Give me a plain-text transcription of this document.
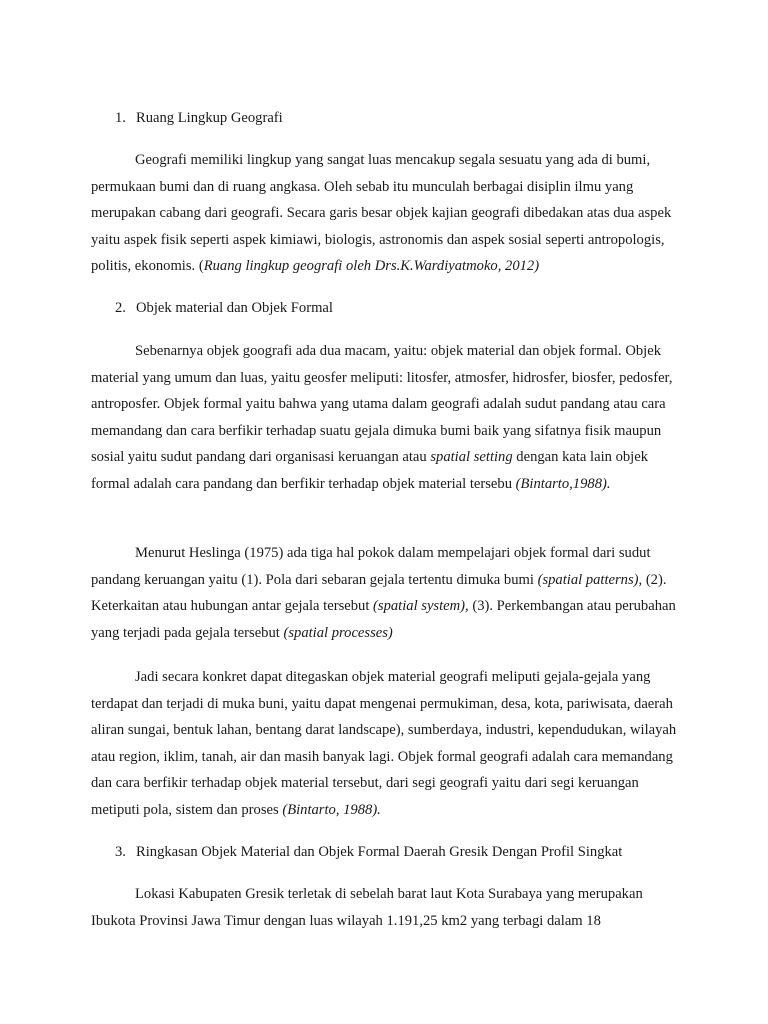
1. Ruang Lingkup Geografi

Geografi memiliki lingkup yang sangat luas mencakup segala sesuatu yang ada di bumi, permukaan bumi dan di ruang angkasa. Oleh sebab itu munculah berbagai disiplin ilmu yang merupakan cabang dari geografi. Secara garis besar objek kajian geografi dibedakan atas dua aspek yaitu aspek fisik seperti aspek kimiawi, biologis, astronomis dan aspek sosial seperti antropologis, politis, ekonomis. (Ruang lingkup geografi oleh Drs.K.Wardiyatmoko, 2012)

2. Objek material dan Objek Formal

Sebenarnya objek goografi ada dua macam, yaitu: objek material dan objek formal. Objek material yang umum dan luas, yaitu geosfer meliputi: litosfer, atmosfer, hidrosfer, biosfer, pedosfer, antroposfer. Objek formal yaitu bahwa yang utama dalam geografi adalah sudut pandang atau cara memandang dan cara berfikir terhadap suatu gejala dimuka bumi baik yang sifatnya fisik maupun sosial yaitu sudut pandang dari organisasi keruangan atau spatial setting dengan kata lain objek formal adalah cara pandang dan berfikir terhadap objek material tersebu (Bintarto,1988).

Menurut Heslinga (1975) ada tiga hal pokok dalam mempelajari objek formal dari sudut pandang keruangan yaitu (1). Pola dari sebaran gejala tertentu dimuka bumi (spatial patterns), (2). Keterkaitan atau hubungan antar gejala tersebut (spatial system), (3). Perkembangan atau perubahan yang terjadi pada gejala tersebut (spatial processes)

Jadi secara konkret dapat ditegaskan objek material geografi meliputi gejala-gejala yang terdapat dan terjadi di muka buni, yaitu dapat mengenai permukiman, desa, kota, pariwisata, daerah aliran sungai, bentuk lahan, bentang darat landscape), sumberdaya, industri, kependudukan, wilayah atau region, iklim, tanah, air dan masih banyak lagi. Objek formal geografi adalah cara memandang dan cara berfikir terhadap objek material tersebut, dari segi geografi yaitu dari segi keruangan metiputi pola, sistem dan proses (Bintarto, 1988).

3. Ringkasan Objek Material dan Objek Formal Daerah Gresik Dengan Profil Singkat

Lokasi Kabupaten Gresik terletak di sebelah barat laut Kota Surabaya yang merupakan Ibukota Provinsi Jawa Timur dengan luas wilayah 1.191,25 km2 yang terbagi dalam 18
